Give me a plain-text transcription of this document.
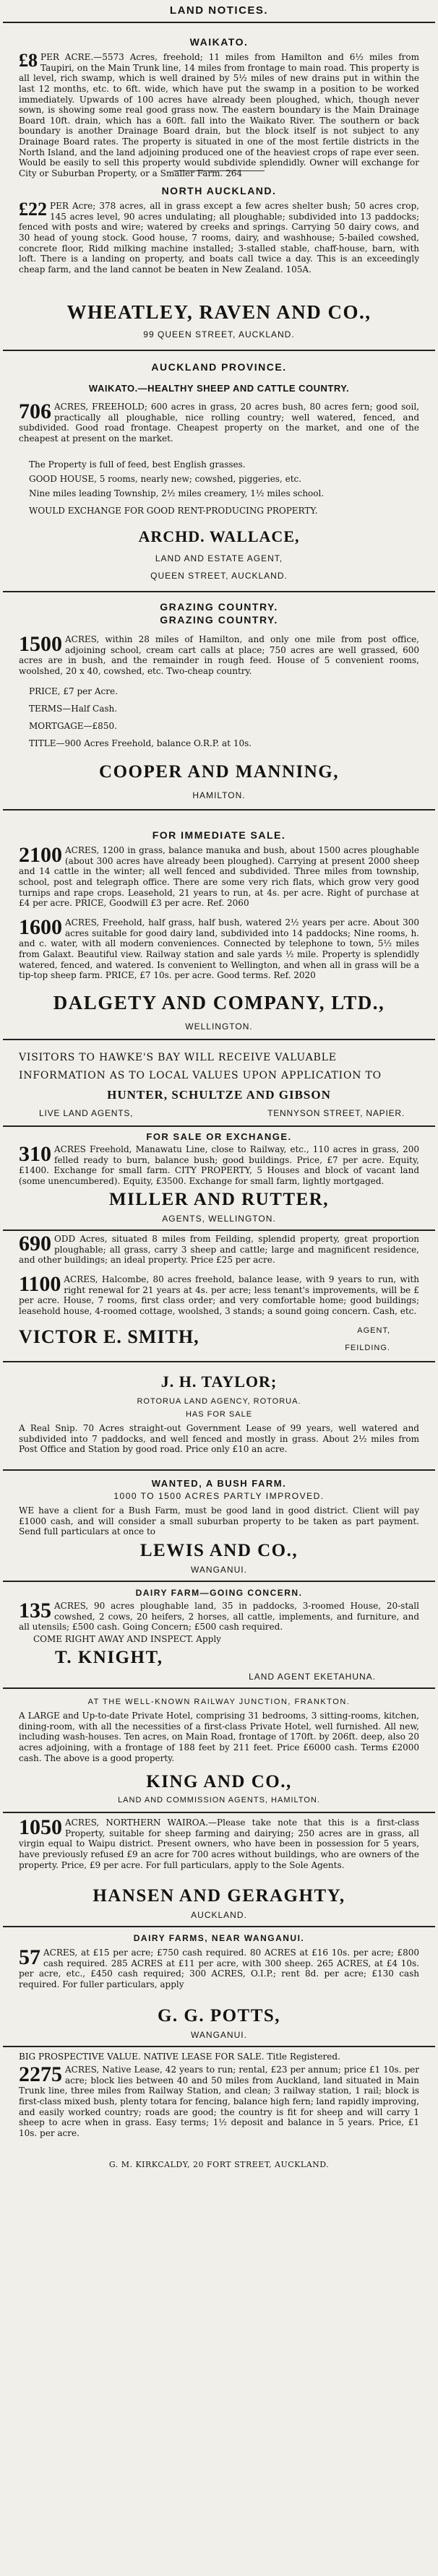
LAND NOTICES.
WAIKATO.
£8 PER ACRE.—5573 Acres, freehold; 11 miles from Hamilton and 6½ miles from Taupiri, on the Main Trunk line, 14 miles from frontage to main road. This property is all level, rich swamp, which is well drained by 5½ miles of new drains put in within the last 12 months, etc. to 6ft. wide, which have put the swamp in a position to be worked immediately. Upwards of 100 acres have already been ploughed, which, though never sown, is showing some real good grass now. The eastern boundary is the Main Drainage Board 10ft. drain, which has a 60ft. fall into the Waikato River. The southern or back boundary is another Drainage Board drain, but the block itself is not subject to any Drainage Board rates. The property is situated in one of the most fertile districts in the North Island, and the land adjoining produced one of the heaviest crops of rape ever seen. Would be easily to sell this property would subdivide splendidly. Owner will exchange for City or Suburban Property, or a Smaller Farm. 264
NORTH AUCKLAND.
£22 PER Acre; 378 acres, all in grass except a few acres shelter bush; 50 acres crop, 145 acres level, 90 acres undulating; all ploughable; subdivided into 13 paddocks; fenced with posts and wire; watered by creeks and springs. Carrying 50 dairy cows, and 30 head of young stock. Good house, 7 rooms, dairy, and washhouse; 5-bailed cowshed, concrete floor, Ridd milking machine installed; 3-stalled stable, chaff-house, barn, with loft. There is a landing on property, and boats call twice a day. This is an exceedingly cheap farm, and the land cannot be beaten in New Zealand. 105A.
WHEATLEY, RAVEN AND CO.,
99 QUEEN STREET, AUCKLAND.
AUCKLAND PROVINCE.
WAIKATO.—HEALTHY SHEEP AND CATTLE COUNTRY.
706 ACRES, FREEHOLD; 600 acres in grass, 20 acres bush, 80 acres fern; good soil, practically all ploughable, nice rolling country; well watered, fenced, and subdivided. Good road frontage. Cheapest property on the market, and one of the cheapest at present on the market.
The Property is full of feed, best English grasses.
GOOD HOUSE, 5 rooms, nearly new; cowshed, piggeries, etc.
Nine miles leading Township, 2½ miles creamery, 1½ miles school.
WOULD EXCHANGE FOR GOOD RENT-PRODUCING PROPERTY.
ARCHD. WALLACE,
LAND AND ESTATE AGENT,
QUEEN STREET, AUCKLAND.
GRAZING COUNTRY.
GRAZING COUNTRY.
1500 ACRES, within 28 miles of Hamilton, and only one mile from post office, adjoining school, cream cart calls at place; 750 acres are well grassed, 600 acres are in bush, and the remainder in rough feed. House of 5 convenient rooms, woolshed, 20 x 40, cowshed, etc. Two-cheap country.
PRICE, £7 per Acre.
TERMS—Half Cash.
MORTGAGE—£850.
TITLE—900 Acres Freehold, balance O.R.P. at 10s.
COOPER AND MANNING,
HAMILTON.
FOR IMMEDIATE SALE.
2100 ACRES, 1200 in grass, balance manuka and bush, about 1500 acres ploughable (about 300 acres have already been ploughed). Carrying at present 2000 sheep and 14 cattle in the winter; all well fenced and subdivided. Three miles from township, school, post and telegraph office. There are some very rich flats, which grow very good turnips and rape crops. Leasehold, 21 years to run, at 4s. per acre. Right of purchase at £4 per acre. PRICE, Goodwill £3 per acre. Ref. 2060
1600 ACRES, Freehold, half grass, half bush, watered 2½ years per acre. About 300 acres suitable for good dairy land, subdivided into 14 paddocks; Nine rooms, h. and c. water, with all modern conveniences. Connected by telephone to town, 5½ miles from Galaxt. Beautiful view. Railway station and sale yards ½ mile. Property is splendidly watered, fenced, and watered. Is convenient to Wellington, and when all in grass will be a tip-top sheep farm. PRICE, £7 10s. per acre. Good terms. Ref. 2020
DALGETY AND COMPANY, LTD.,
WELLINGTON.
VISITORS TO HAWKE'S BAY WILL RECEIVE VALUABLE INFORMATION AS TO LOCAL VALUES UPON APPLICATION TO
HUNTER, SCHULTZE AND GIBSON
LIVE LAND AGENTS,	TENNYSON STREET, NAPIER.
FOR SALE OR EXCHANGE.
310 ACRES Freehold, Manawatu Line, close to Railway, etc., 110 acres in grass, 200 felled ready to burn, balance bush; good buildings. Price, £7 per acre. Equity, £1400. Exchange for small farm. CITY PROPERTY, 5 Houses and block of vacant land (some unencumbered). Equity, £3500. Exchange for small farm, lightly mortgaged.
MILLER AND RUTTER,
AGENTS, WELLINGTON.
690 ODD Acres, situated 8 miles from Feilding, splendid property, great proportion ploughable; all grass, carry 3 sheep and cattle; large and magnificent residence, and other buildings; an ideal property. Price £25 per acre.
1100 ACRES, Halcombe, 80 acres freehold, balance lease, with 9 years to run, with right renewal for 21 years at 4s. per acre; less tenant's improvements, will be £ per acre. House, 7 rooms, first class order; and very comfortable home; good buildings; leasehold house, 4-roomed cottage, woolshed, 3 stands; a sound going concern. Cash, etc.
VICTOR E. SMITH,	AGENT,
FEILDING.
J. H. TAYLOR;
ROTORUA LAND AGENCY, ROTORUA.
HAS FOR SALE
A Real Snip. 70 Acres straight-out Government Lease of 99 years, well watered and subdivided into 7 paddocks, and well fenced and mostly in grass. About 2½ miles from Post Office and Station by good road. Price only £10 an acre.
WANTED, A BUSH FARM.
1000 TO 1500 ACRES PARTLY IMPROVED.
WE have a client for a Bush Farm, must be good land in good district. Client will pay £1000 cash, and will consider a small suburban property to be taken as part payment. Send full particulars at once to
LEWIS AND CO.,
WANGANUI.
DAIRY FARM—GOING CONCERN.
135 ACRES, 90 acres ploughable land, 35 in paddocks, 3-roomed House, 20-stall cowshed, 2 cows, 20 heifers, 2 horses, all cattle, implements, and furniture, and all utensils; £500 cash. Going Concern; £500 cash required.
COME RIGHT AWAY AND INSPECT. Apply
T. KNIGHT,
LAND AGENT EKETAHUNA.
AT THE WELL-KNOWN RAILWAY JUNCTION, FRANKTON.
A LARGE and Up-to-date Private Hotel, comprising 31 bedrooms, 3 sitting-rooms, kitchen, dining-room, with all the necessities of a first-class Private Hotel, well furnished. All new, including wash-houses. Ten acres, on Main Road, frontage of 170ft. by 206ft. deep, also 20 acres adjoining, with a frontage of 188 feet by 211 feet. Price £6000 cash. Terms £2000 cash. The above is a good property.
KING AND CO.,
LAND AND COMMISSION AGENTS, HAMILTON.
1050 ACRES, NORTHERN WAIROA.—Please take note that this is a first-class Property, suitable for sheep farming and dairying; 250 acres are in grass, all virgin equal to Waipu district. Present owners, who have been in possession for 5 years, have previously refused £9 an acre for 700 acres without buildings, who are owners of the property. Price, £9 per acre. For full particulars, apply to the Sole Agents.
HANSEN AND GERAGHTY,
AUCKLAND.
DAIRY FARMS, NEAR WANGANUI.
57 ACRES, at £15 per acre; £750 cash required. 80 ACRES at £16 10s. per acre; £800 cash required. 285 ACRES at £11 per acre, with 300 sheep. 265 ACRES, at £4 10s. per acre, etc., £450 cash required; 300 ACRES, O.I.P.; rent 8d. per acre; £130 cash required. For fuller particulars, apply
G. G. POTTS,
WANGANUI.
BIG PROSPECTIVE VALUE. NATIVE LEASE FOR SALE. Title Registered.
2275 ACRES, Native Lease, 42 years to run; rental, £23 per annum; price £1 10s. per acre; block lies between 40 and 50 miles from Auckland, land situated in Main Trunk line, three miles from Railway Station, and clean; 3 railway station, 1 rail; block is first-class mixed bush, plenty totara for fencing, balance high fern; land rapidly improving, and easily worked country; roads are good; the country is fit for sheep and will carry 1 sheep to acre when in grass. Easy terms; 1½ deposit and balance in 5 years. Price, £1 10s. per acre.
G. M. KIRKCALDY, 20 FORT STREET, AUCKLAND.
